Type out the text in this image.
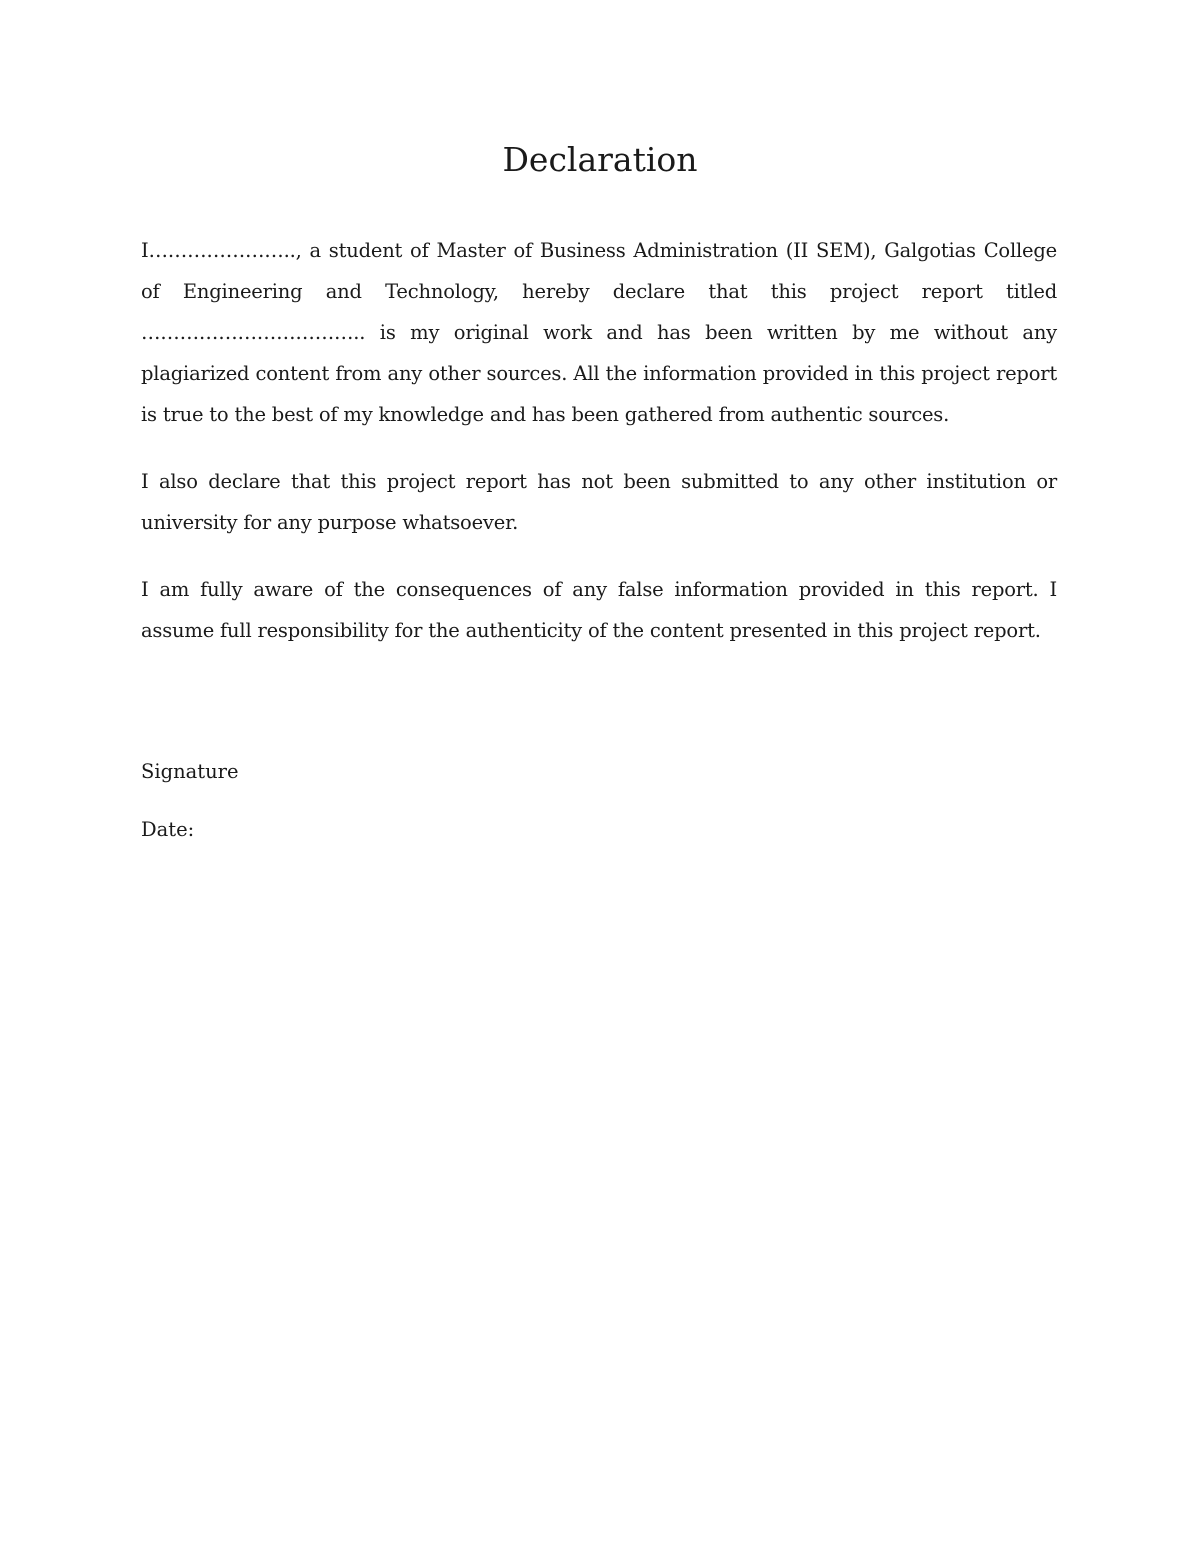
Declaration

I………………….., a student of Master of Business Administration (II SEM), Galgotias College of Engineering and Technology, hereby declare that this project report titled …………………………….. is my original work and has been written by me without any plagiarized content from any other sources. All the information provided in this project report is true to the best of my knowledge and has been gathered from authentic sources.

I also declare that this project report has not been submitted to any other institution or university for any purpose whatsoever.

I am fully aware of the consequences of any false information provided in this report. I assume full responsibility for the authenticity of the content presented in this project report.

Signature
Date:
